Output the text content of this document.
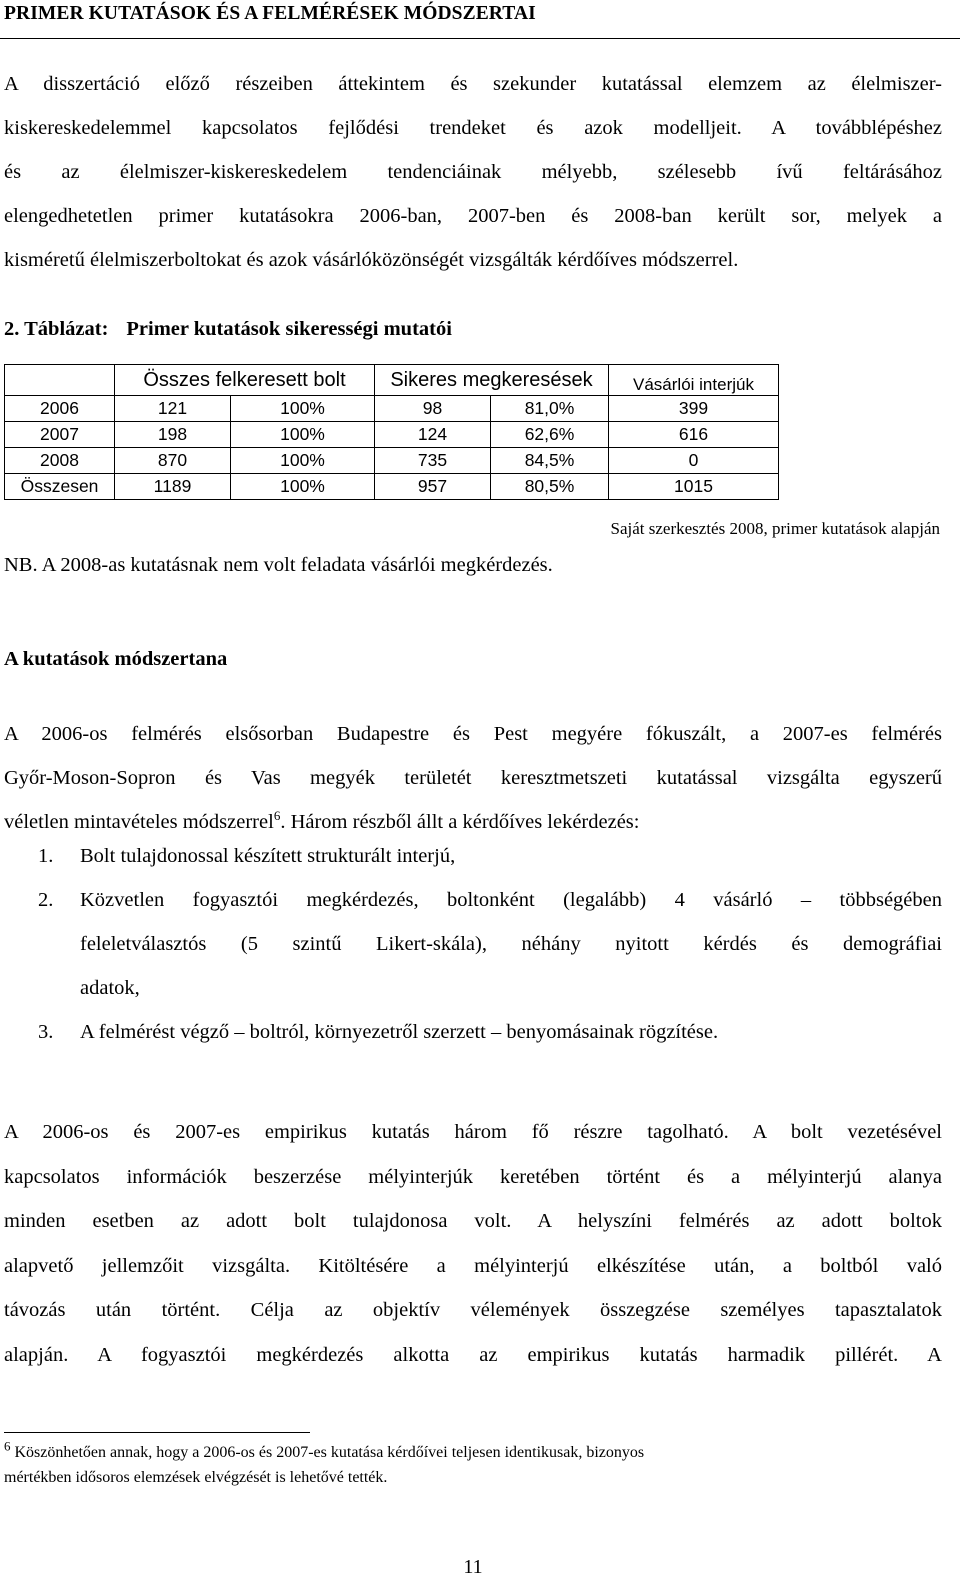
PRIMER KUTATÁSOK ÉS A FELMÉRÉSEK MÓDSZERTAI
A disszertáció előző részeiben áttekintem és szekunder kutatással elemzem az élelmiszer-
kiskereskedelemmel kapcsolatos fejlődési trendeket és azok modelljeit. A továbblépéshez
és az élelmiszer-kiskereskedelem tendenciáinak mélyebb, szélesebb ívű feltárásához
elengedhetetlen primer kutatásokra 2006-ban, 2007-ben és 2008-ban került sor, melyek a
kisméretű élelmiszerboltokat és azok vásárlóközönségét vizsgálták kérdőíves módszerrel.
2. Táblázat: Primer kutatások sikerességi mutatói
	Összes felkeresett bolt		Sikeres megkeresések		Vásárlói interjúk
2006	121	100%	98	81,0%	399
2007	198	100%	124	62,6%	616
2008	870	100%	735	84,5%	0
Összesen	1189	100%	957	80,5%	1015
Saját szerkesztés 2008, primer kutatások alapján
NB. A 2008-as kutatásnak nem volt feladata vásárlói megkérdezés.
A kutatások módszertana
A 2006-os felmérés elsősorban Budapestre és Pest megyére fókuszált, a 2007-es felmérés
Győr-Moson-Sopron és Vas megyék területét keresztmetszeti kutatással vizsgálta egyszerű
véletlen mintavételes módszerrel$^6$. Három részből állt a kérdőíves lekérdezés:
1. Bolt tulajdonossal készített strukturált interjú,
2. Közvetlen fogyasztói megkérdezés, boltonként (legalább) 4 vásárló – többségében
feleletválasztós (5 szintű Likert-skála), néhány nyitott kérdés és demográfiai
adatok,
3. A felmérést végző – boltról, környezetről szerzett – benyomásainak rögzítése.
A 2006-os és 2007-es empirikus kutatás három fő részre tagolható. A bolt vezetésével
kapcsolatos információk beszerzése mélyinterjúk keretében történt és a mélyinterjú alanya
minden esetben az adott bolt tulajdonosa volt. A helyszíni felmérés az adott boltok
alapvető jellemzőit vizsgálta. Kitöltésére a mélyinterjú elkészítése után, a boltból való
távozás után történt. Célja az objektív vélemények összegzése személyes tapasztalatok
alapján. A fogyasztói megkérdezés alkotta az empirikus kutatás harmadik pillérét. A
$^6$ Köszönhetően annak, hogy a 2006-os és 2007-es kutatása kérdőívei teljesen identikusak, bizonyos
mértékben idősoros elemzések elvégzését is lehetővé tették.
11
